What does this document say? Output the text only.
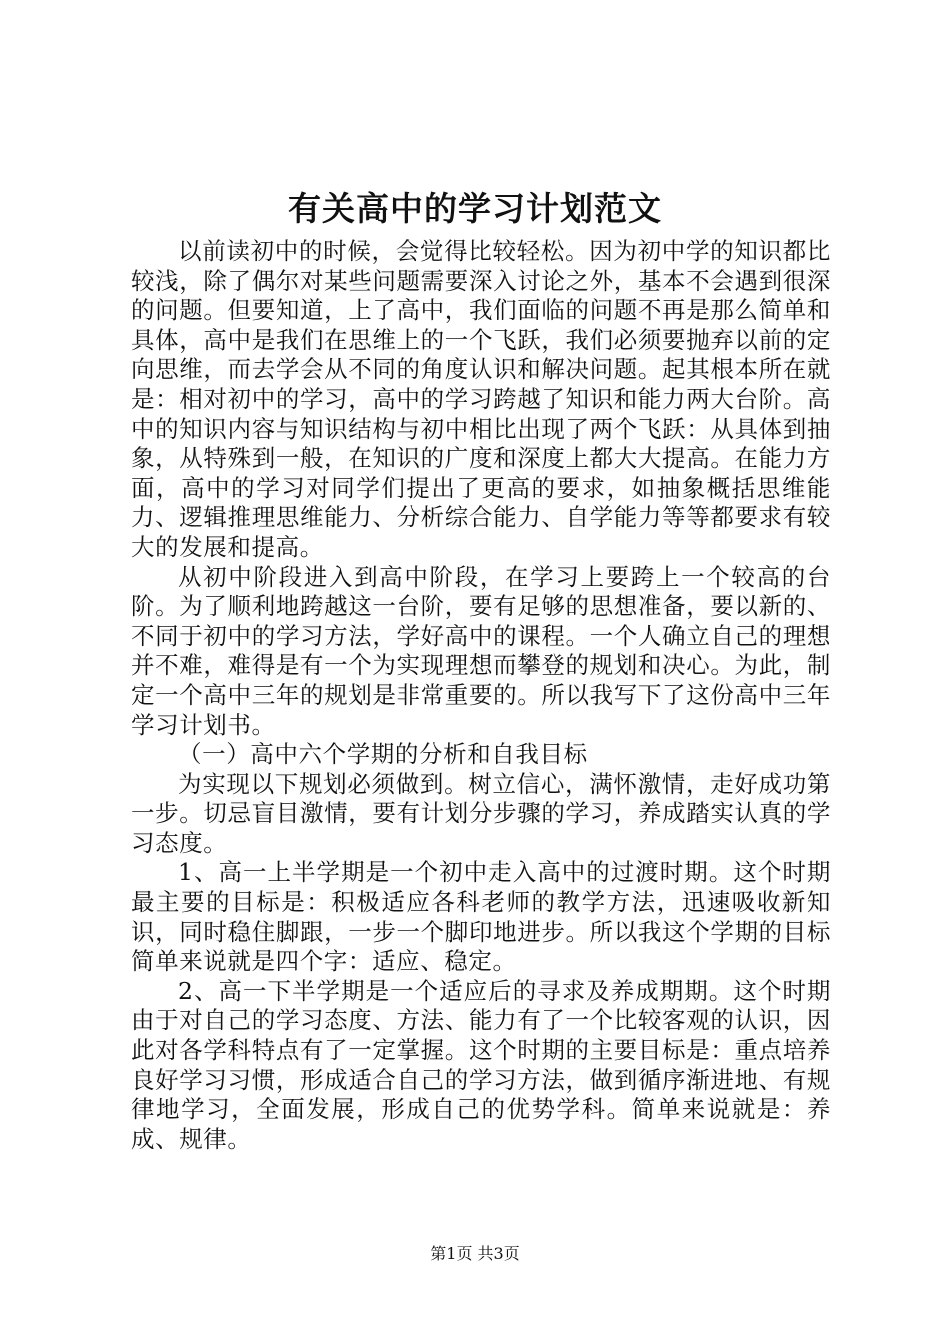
有关高中的学习计划范文

以前读初中的时候，会觉得比较轻松。因为初中学的知识都比较浅，除了偶尔对某些问题需要深入讨论之外，基本不会遇到很深的问题。但要知道，上了高中，我们面临的问题不再是那么简单和具体，高中是我们在思维上的一个飞跃，我们必须要抛弃以前的定向思维，而去学会从不同的角度认识和解决问题。起其根本所在就是：相对初中的学习，高中的学习跨越了知识和能力两大台阶。高中的知识内容与知识结构与初中相比出现了两个飞跃：从具体到抽象，从特殊到一般，在知识的广度和深度上都大大提高。在能力方面，高中的学习对同学们提出了更高的要求，如抽象概括思维能力、逻辑推理思维能力、分析综合能力、自学能力等等都要求有较大的发展和提高。

从初中阶段进入到高中阶段，在学习上要跨上一个较高的台阶。为了顺利地跨越这一台阶，要有足够的思想准备，要以新的、不同于初中的学习方法，学好高中的课程。一个人确立自己的理想并不难，难得是有一个为实现理想而攀登的规划和决心。为此，制定一个高中三年的规划是非常重要的。所以我写下了这份高中三年学习计划书。

（一）高中六个学期的分析和自我目标

为实现以下规划必须做到。树立信心，满怀激情，走好成功第一步。切忌盲目激情，要有计划分步骤的学习，养成踏实认真的学习态度。

1、高一上半学期是一个初中走入高中的过渡时期。这个时期最主要的目标是：积极适应各科老师的教学方法，迅速吸收新知识，同时稳住脚跟，一步一个脚印地进步。所以我这个学期的目标简单来说就是四个字：适应、稳定。

2、高一下半学期是一个适应后的寻求及养成期期。这个时期由于对自己的学习态度、方法、能力有了一个比较客观的认识，因此对各学科特点有了一定掌握。这个时期的主要目标是：重点培养良好学习习惯，形成适合自己的学习方法，做到循序渐进地、有规律地学习，全面发展，形成自己的优势学科。简单来说就是：养成、规律。

第1页 共3页
